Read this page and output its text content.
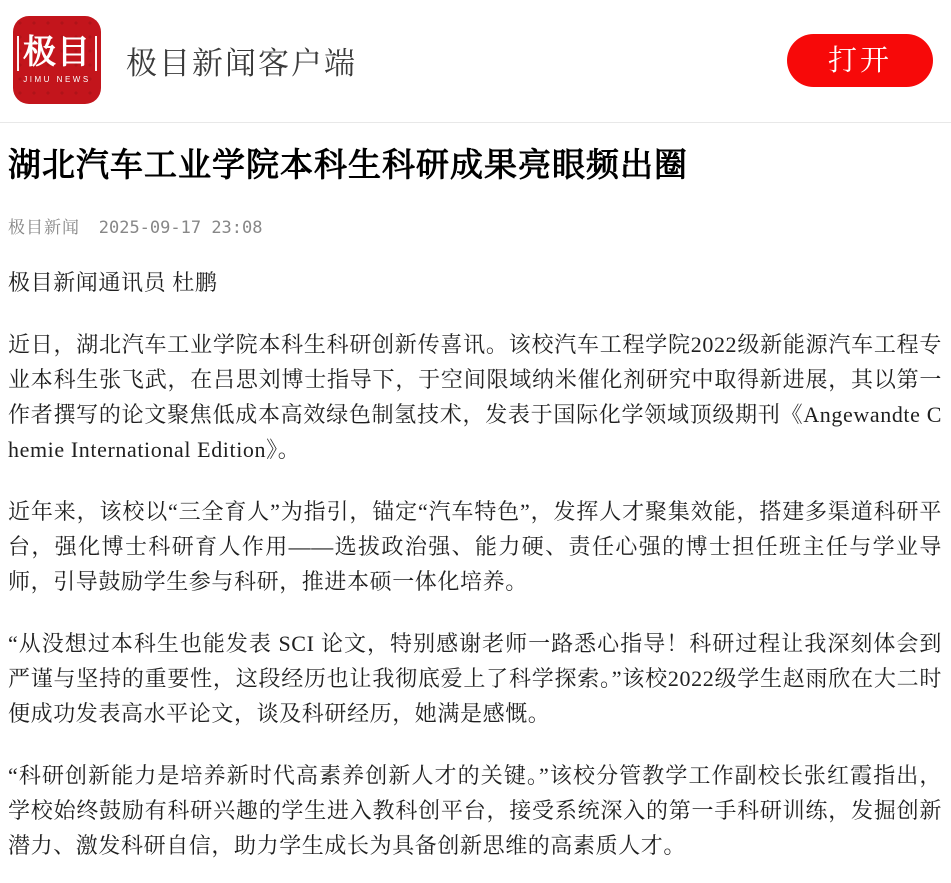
极目
JIMU NEWS 极目新闻客户端	打开
湖北汽车工业学院本科生科研成果亮眼频出圈
极目新闻 2025-09-17 23:08

极目新闻通讯员 杜鹏

近日，湖北汽车工业学院本科生科研创新传喜讯。该校汽车工程学院2022级新能源汽车工程专业本科生张飞武，在吕思刘博士指导下，于空间限域纳米催化剂研究中取得新进展，其以第一作者撰写的论文聚焦低成本高效绿色制氢技术，发表于国际化学领域顶级期刊《Angewandte Chemie International Edition》。

近年来，该校以“三全育人”为指引，锚定“汽车特色”，发挥人才聚集效能，搭建多渠道科研平台，强化博士科研育人作用——选拔政治强、能力硬、责任心强的博士担任班主任与学业导师，引导鼓励学生参与科研，推进本硕一体化培养。

“从没想过本科生也能发表 SCI 论文，特别感谢老师一路悉心指导！科研过程让我深刻体会到严谨与坚持的重要性，这段经历也让我彻底爱上了科学探索。”该校2022级学生赵雨欣在大二时便成功发表高水平论文，谈及科研经历，她满是感慨。

“科研创新能力是培养新时代高素养创新人才的关键。”该校分管教学工作副校长张红霞指出，学校始终鼓励有科研兴趣的学生进入教科创平台，接受系统深入的第一手科研训练，发掘创新潜力、激发科研自信，助力学生成长为具备创新思维的高素质人才。
